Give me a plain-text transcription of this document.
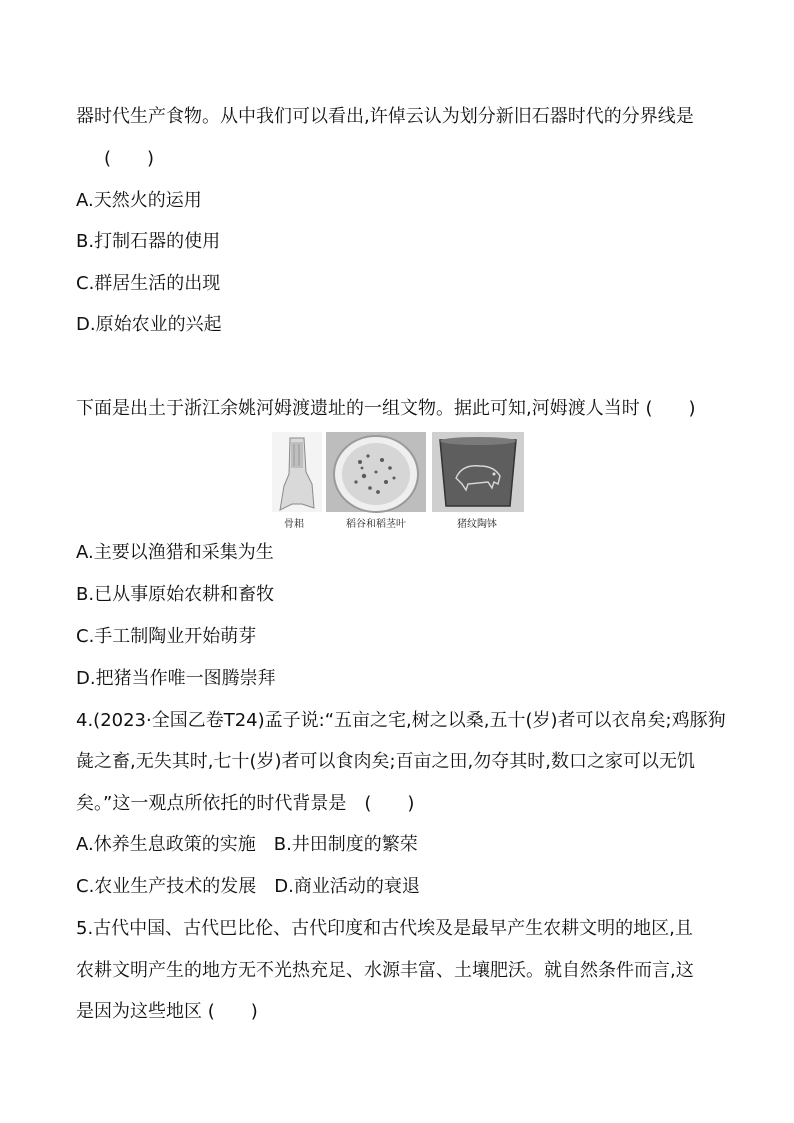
器时代生产食物。从中我们可以看出,许倬云认为划分新旧石器时代的分界线是
(　　)
A.天然火的运用
B.打制石器的使用
C.群居生活的出现
D.原始农业的兴起
下面是出土于浙江余姚河姆渡遗址的一组文物。据此可知,河姆渡人当时 (　　)
骨耜	稻谷和稻茎叶	猪纹陶钵
A.主要以渔猎和采集为生
B.已从事原始农耕和畜牧
C.手工制陶业开始萌芽
D.把猪当作唯一图腾崇拜
4.(2023·全国乙卷T24)孟子说:“五亩之宅,树之以桑,五十(岁)者可以衣帛矣;鸡豚狗
彘之畜,无失其时,七十(岁)者可以食肉矣;百亩之田,勿夺其时,数口之家可以无饥
矣。”这一观点所依托的时代背景是　(　　)
A.休养生息政策的实施　B.井田制度的繁荣
C.农业生产技术的发展　D.商业活动的衰退
5.古代中国、古代巴比伦、古代印度和古代埃及是最早产生农耕文明的地区,且
农耕文明产生的地方无不光热充足、水源丰富、土壤肥沃。就自然条件而言,这
是因为这些地区 (　　)
